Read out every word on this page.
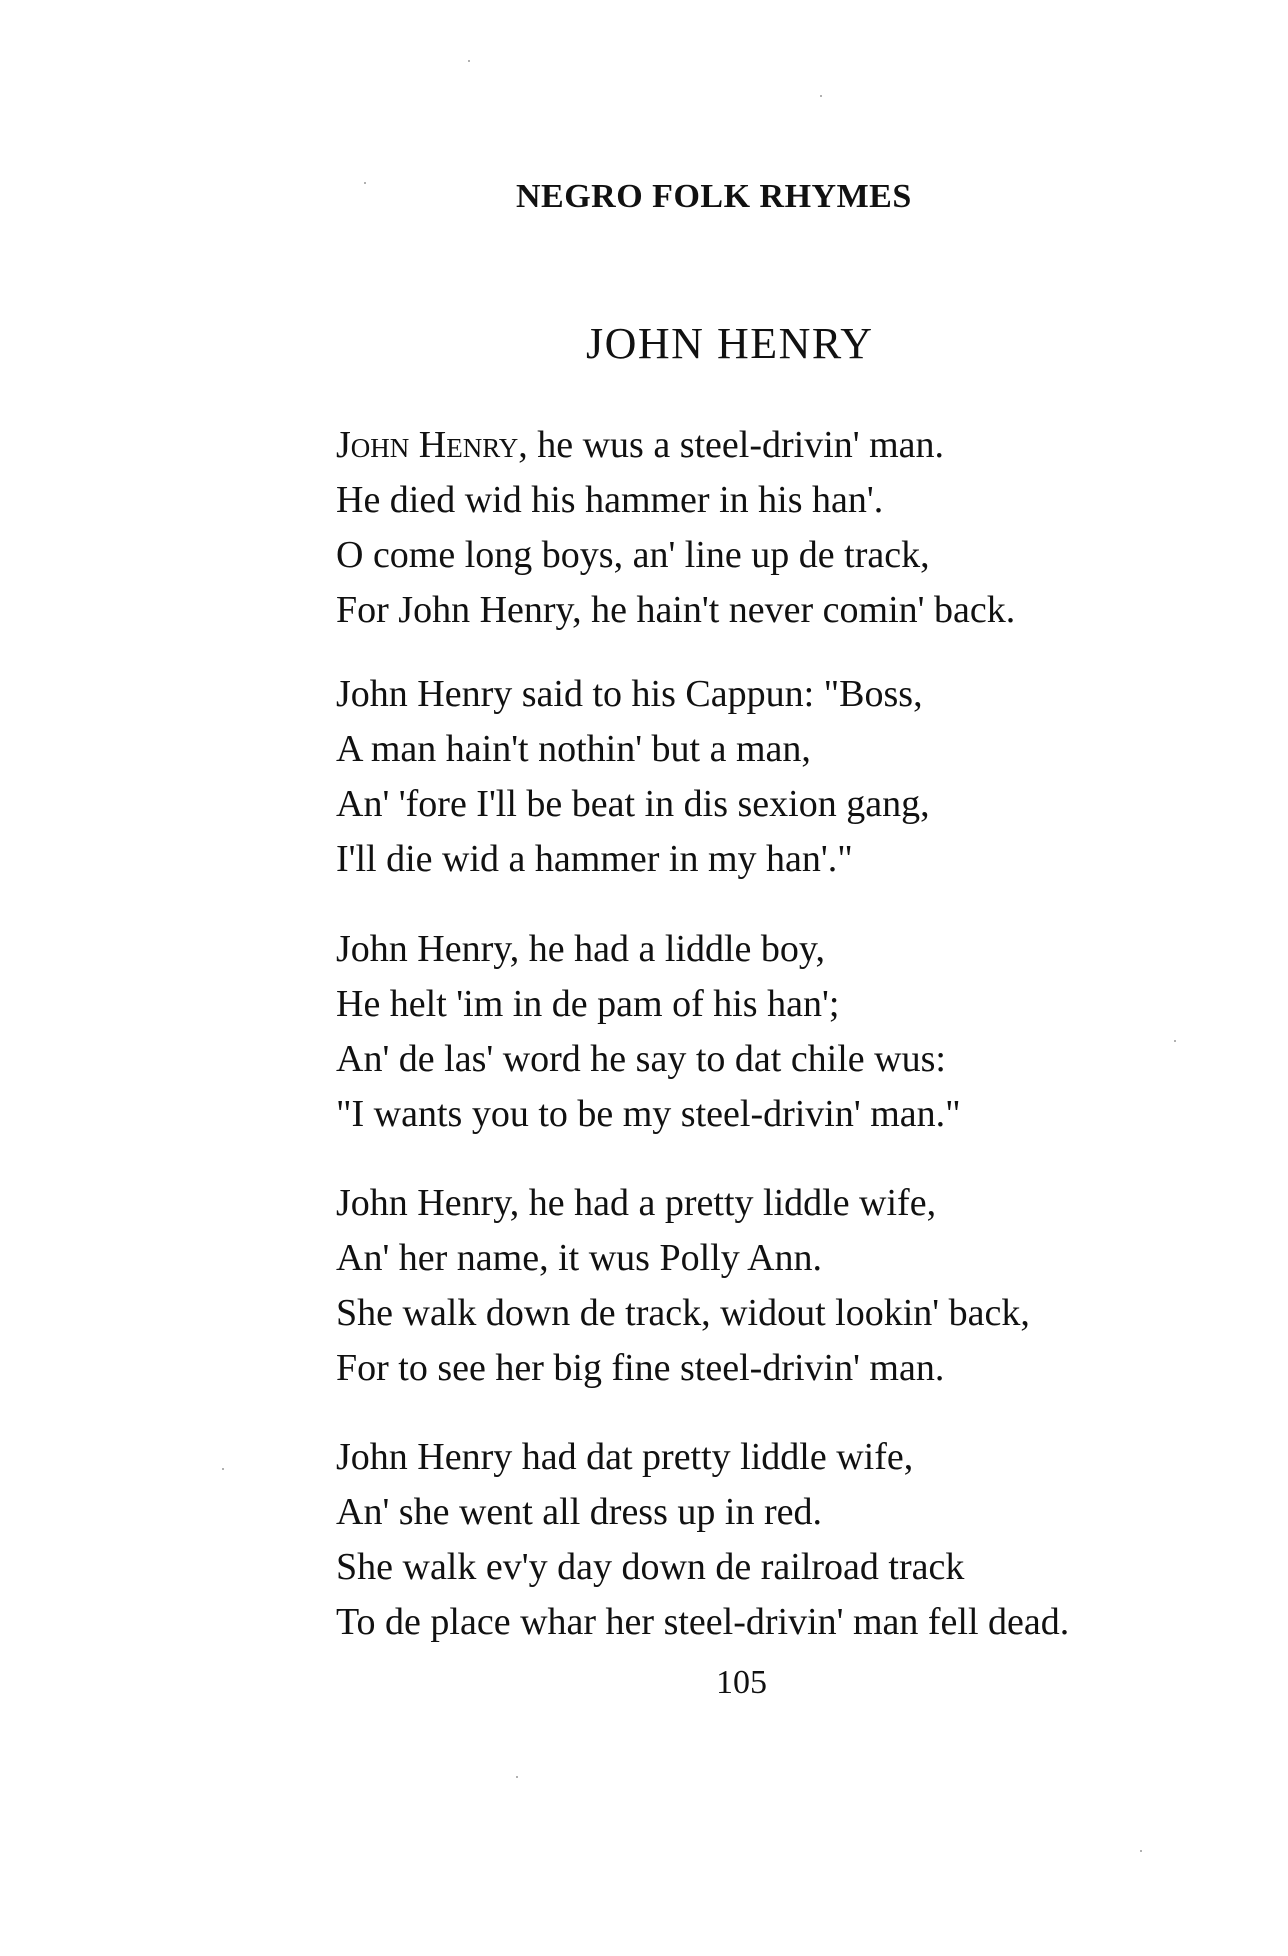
NEGRO FOLK RHYMES
JOHN HENRY
John Henry, he wus a steel-drivin' man.
He died wid his hammer in his han'.
O come long boys, an' line up de track,
For John Henry, he hain't never comin' back.
John Henry said to his Cappun: "Boss,
A man hain't nothin' but a man,
An' 'fore I'll be beat in dis sexion gang,
I'll die wid a hammer in my han'."
John Henry, he had a liddle boy,
He helt 'im in de pam of his han';
An' de las' word he say to dat chile wus:
"I wants you to be my steel-drivin' man."
John Henry, he had a pretty liddle wife,
An' her name, it wus Polly Ann.
She walk down de track, widout lookin' back,
For to see her big fine steel-drivin' man.
John Henry had dat pretty liddle wife,
An' she went all dress up in red.
She walk ev'y day down de railroad track
To de place whar her steel-drivin' man fell dead.
105
